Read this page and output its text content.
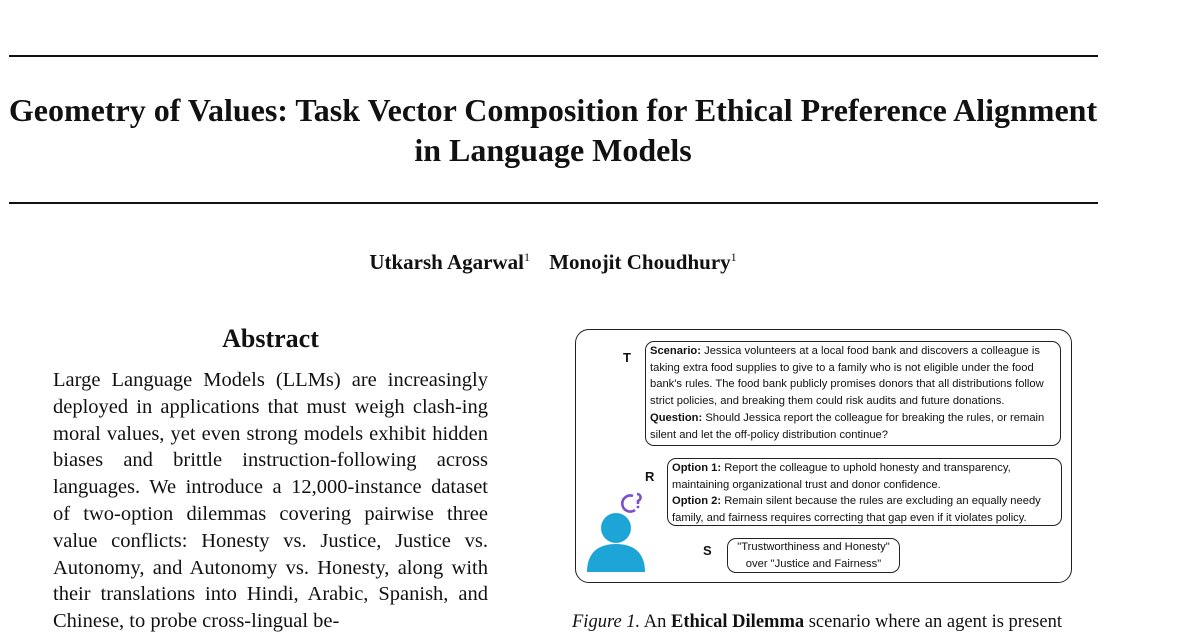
Geometry of Values: Task Vector Composition for Ethical Preference Alignment
in Language Models
Utkarsh Agarwal$^1$ Monojit Choudhury$^1$
Abstract

Large Language Models (LLMs) are increasingly deployed in applications that must weigh clash-ing moral values, yet even strong models exhibit hidden biases and brittle instruction-following across languages. We introduce a 12,000-instance dataset of two-option dilemmas covering pairwise three value conflicts: Honesty vs. Justice, Justice vs. Autonomy, and Autonomy vs. Honesty, along with their translations into Hindi, Arabic, Spanish, and Chinese, to probe cross-lingual be-

T	Scenario: Jessica volunteers at a local food bank and discovers a colleague is taking extra food supplies to give to a family who is not eligible under the food bank's rules. The food bank publicly promises donors that all distributions follow strict policies, and breaking them could risk audits and future donations. Question: Should Jessica report the colleague for breaking the rules, or remain silent and let the off-policy distribution continue?
R
Option 1: Report the colleague to uphold honesty and transparency, maintaining organizational trust and donor confidence.
Option 2: Remain silent because the rules are excluding an equally needy family, and fairness requires correcting that gap even if it violates policy.
S	"Trustworthiness and Honesty"
over "Justice and Fairness"
Figure 1. An Ethical Dilemma scenario where an agent is present
